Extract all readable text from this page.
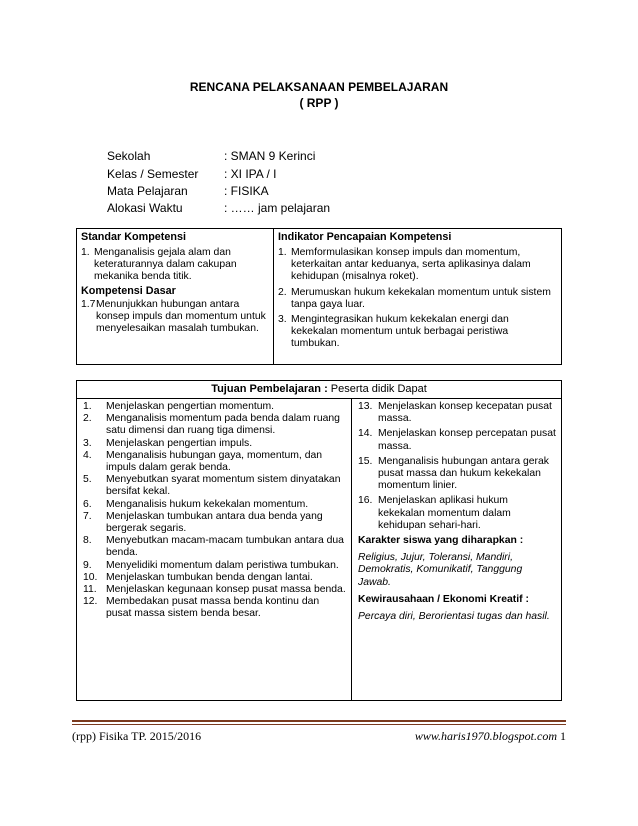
RENCANA PELAKSANAAN PEMBELAJARAN
( RPP )
Sekolah	: SMAN 9 Kerinci
Kelas / Semester : XI IPA / I
Mata Pelajaran	: FISIKA
Alokasi Waktu	: …… jam pelajaran
Standar Kompetensi
1. Menganalisis gejala alam dan keteraturannya dalam cakupan mekanika benda titik.
Kompetensi Dasar
1.7 Menunjukkan hubungan antara konsep impuls dan momentum untuk menyelesaikan masalah tumbukan.

Indikator Pencapaian Kompetensi
1. Memformulasikan konsep impuls dan momentum, keterkaitan antar keduanya, serta aplikasinya dalam kehidupan (misalnya roket).
2. Merumuskan hukum kekekalan momentum untuk sistem tanpa gaya luar.
3. Mengintegrasikan hukum kekekalan energi dan kekekalan momentum untuk berbagai peristiwa tumbukan.
Tujuan Pembelajaran : Peserta didik Dapat

1. Menjelaskan pengertian momentum.
2. Menganalisis momentum pada benda dalam ruang satu dimensi dan ruang tiga dimensi.
3. Menjelaskan pengertian impuls.
4. Menganalisis hubungan gaya, momentum, dan impuls dalam gerak benda.
5. Menyebutkan syarat momentum sistem dinyatakan bersifat kekal.
6. Menganalisis hukum kekekalan momentum.
7. Menjelaskan tumbukan antara dua benda yang bergerak segaris.
8. Menyebutkan macam-macam tumbukan antara dua benda.
9. Menyelidiki momentum dalam peristiwa tumbukan.
10. Menjelaskan tumbukan benda dengan lantai.
11. Menjelaskan kegunaan konsep pusat massa benda.
12. Membedakan pusat massa benda kontinu dan pusat massa sistem benda besar.

13. Menjelaskan konsep kecepatan pusat massa.
14. Menjelaskan konsep percepatan pusat massa.
15. Menganalisis hubungan antara gerak pusat massa dan hukum kekekalan momentum linier.
16. Menjelaskan aplikasi hukum kekekalan momentum dalam kehidupan sehari-hari.
Karakter siswa yang diharapkan :
Religius, Jujur, Toleransi, Mandiri, Demokratis, Komunikatif, Tanggung Jawab.
Kewirausahaan / Ekonomi Kreatif :
Percaya diri, Berorientasi tugas dan hasil.
(rpp) Fisika TP. 2015/2016	www.haris1970.blogspot.com 1
